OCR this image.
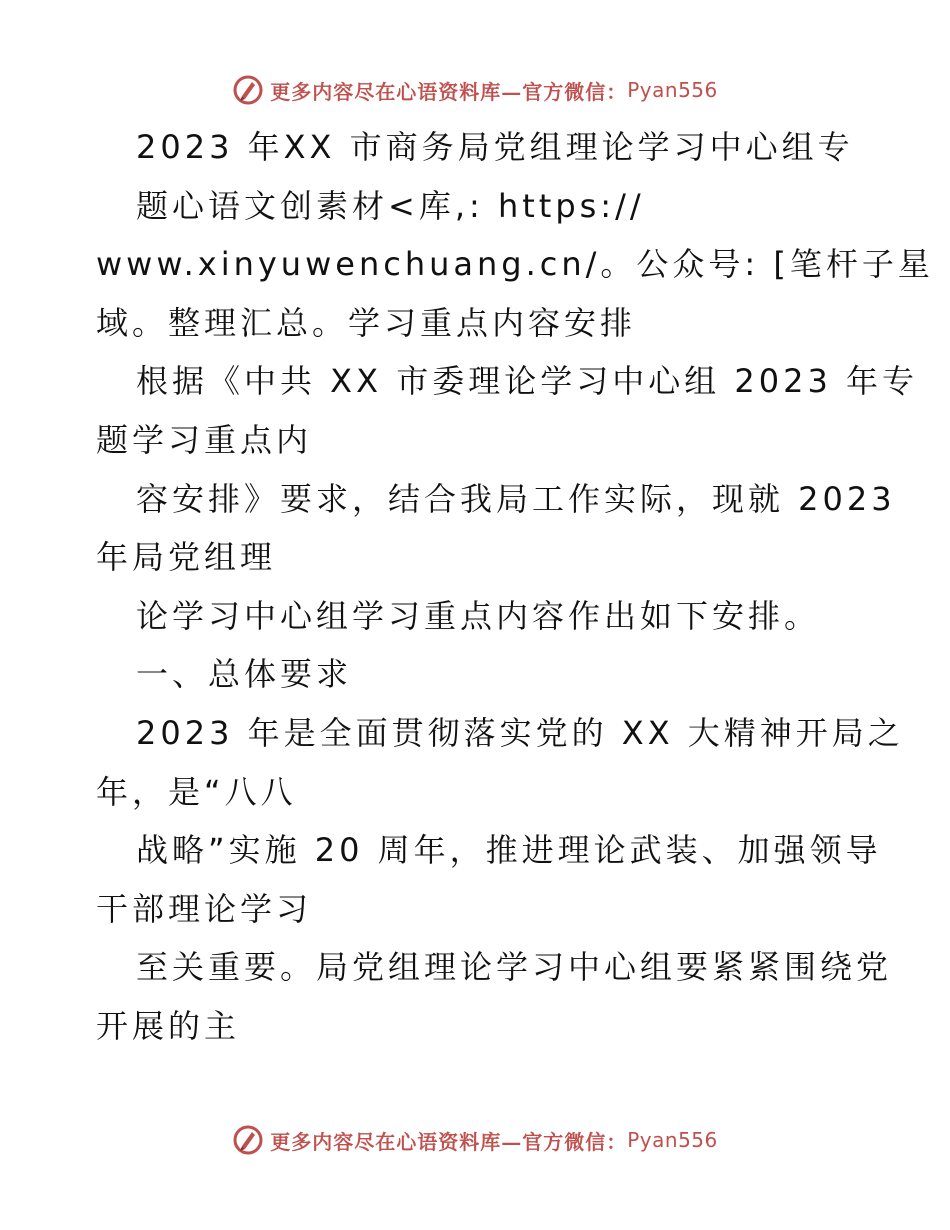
更多内容尽在心语资料库—官方微信： Pyan556
2023 年XX 市商务局党组理论学习中心组专
题心语文创素材<库,: https://
www.xinyuwenchuang.cn/。公众号: [笔杆子星
域。整理汇总。学习重点内容安排
根据《中共 XX 市委理论学习中心组 2023 年专
题学习重点内
容安排》要求，结合我局工作实际，现就 2023
年局党组理
论学习中心组学习重点内容作出如下安排。
一、总体要求
2023 年是全面贯彻落实党的 XX 大精神开局之
年，是“八八
战略”实施 20 周年，推进理论武装、加强领导
干部理论学习
至关重要。局党组理论学习中心组要紧紧围绕党
开展的主
更多内容尽在心语资料库—官方微信： Pyan556
